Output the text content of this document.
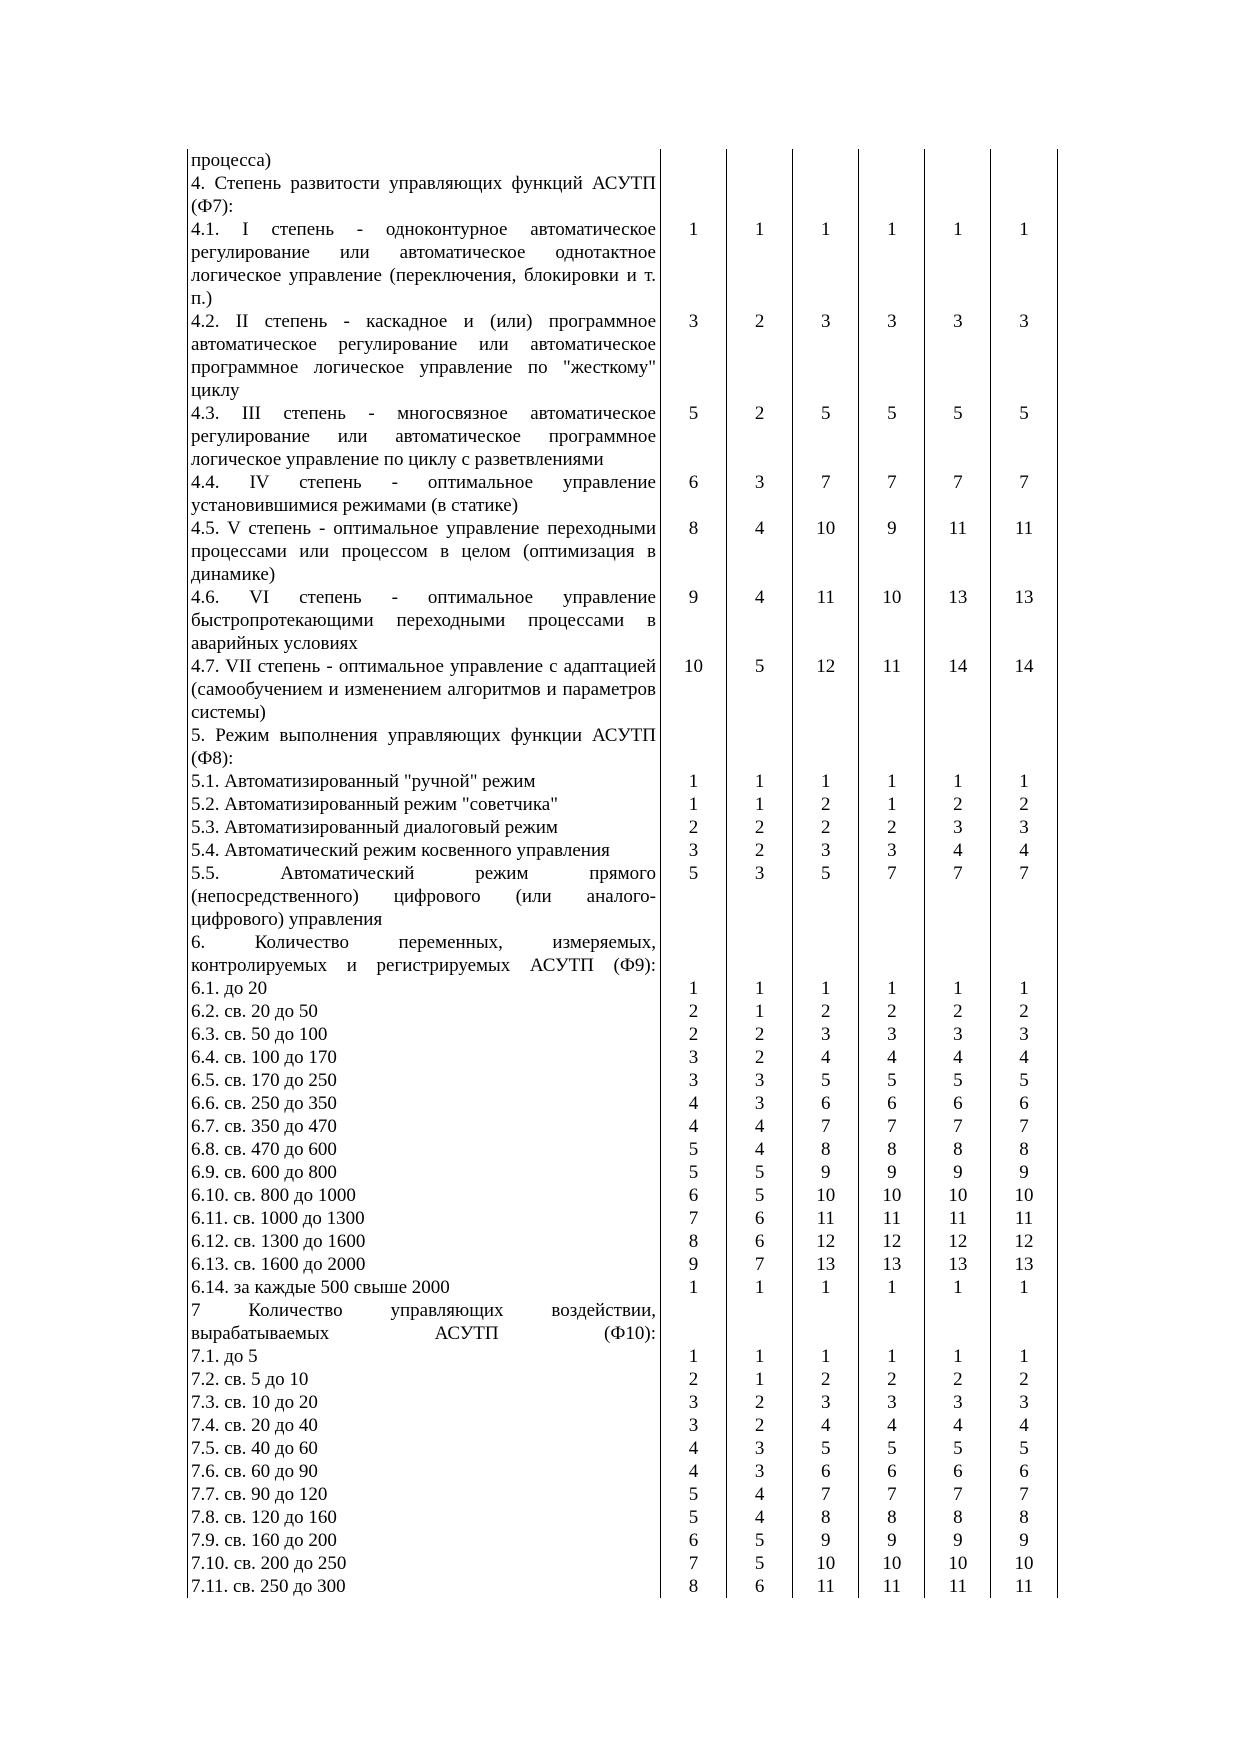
процесса)						
4. Степень развитости управляющих функций АСУТП (Ф7):						
4.1. I степень - одноконтурное автоматическое регулирование или автоматическое однотактное логическое управление (переключения, блокировки и т. п.)	1	1	1	1	1	1
4.2. II степень - каскадное и (или) программное автоматическое регулирование или автоматическое программное логическое управление по "жесткому" циклу	3	2	3	3	3	3
4.3. III степень - многосвязное автоматическое регулирование или автоматическое программное логическое управление по циклу с разветвлениями	5	2	5	5	5	5
4.4. IV степень - оптимальное управление установившимися режимами (в статике)	6	3	7	7	7	7
4.5. V степень - оптимальное управление переходными процессами или процессом в целом (оптимизация в динамике)	8	4	10	9	11	11
4.6. VI степень - оптимальное управление быстропротекающими переходными процессами в аварийных условиях	9	4	11	10	13	13
4.7. VII степень - оптимальное управление с адаптацией (самообучением и изменением алгоритмов и параметров системы)	10	5	12	11	14	14
5. Режим выполнения управляющих функции АСУТП (Ф8):						
5.1. Автоматизированный "ручной" режим	1	1	1	1	1	1
5.2. Автоматизированный режим "советчика"	1	1	2	1	2	2
5.3. Автоматизированный диалоговый режим	2	2	2	2	3	3
5.4. Автоматический режим косвенного управления	3	2	3	3	4	4
5.5. Автоматический режим прямого (непосредственного) цифрового (или аналого-цифрового) управления	5	3	5	7	7	7
6. Количество переменных, измеряемых, контролируемых и регистрируемых АСУТП (Ф9):						
6.1. до 20	1	1	1	1	1	1
6.2. св. 20 до 50	2	1	2	2	2	2
6.3. св. 50 до 100	2	2	3	3	3	3
6.4. св. 100 до 170	3	2	4	4	4	4
6.5. св. 170 до 250	3	3	5	5	5	5
6.6. св. 250 до 350	4	3	6	6	6	6
6.7. св. 350 до 470	4	4	7	7	7	7
6.8. св. 470 до 600	5	4	8	8	8	8
6.9. св. 600 до 800	5	5	9	9	9	9
6.10. св. 800 до 1000	6	5	10	10	10	10
6.11. св. 1000 до 1300	7	6	11	11	11	11
6.12. св. 1300 до 1600	8	6	12	12	12	12
6.13. св. 1600 до 2000	9	7	13	13	13	13
6.14. за каждые 500 свыше 2000	1	1	1	1	1	1
7 Количество управляющих воздействии, вырабатываемых АСУТП (Ф10):						
7.1. до 5	1	1	1	1	1	1
7.2. св. 5 до 10	2	1	2	2	2	2
7.3. св. 10 до 20	3	2	3	3	3	3
7.4. св. 20 до 40	3	2	4	4	4	4
7.5. св. 40 до 60	4	3	5	5	5	5
7.6. св. 60 до 90	4	3	6	6	6	6
7.7. св. 90 до 120	5	4	7	7	7	7
7.8. св. 120 до 160	5	4	8	8	8	8
7.9. св. 160 до 200	6	5	9	9	9	9
7.10. св. 200 до 250	7	5	10	10	10	10
7.11. св. 250 до 300	8	6	11	11	11	11
